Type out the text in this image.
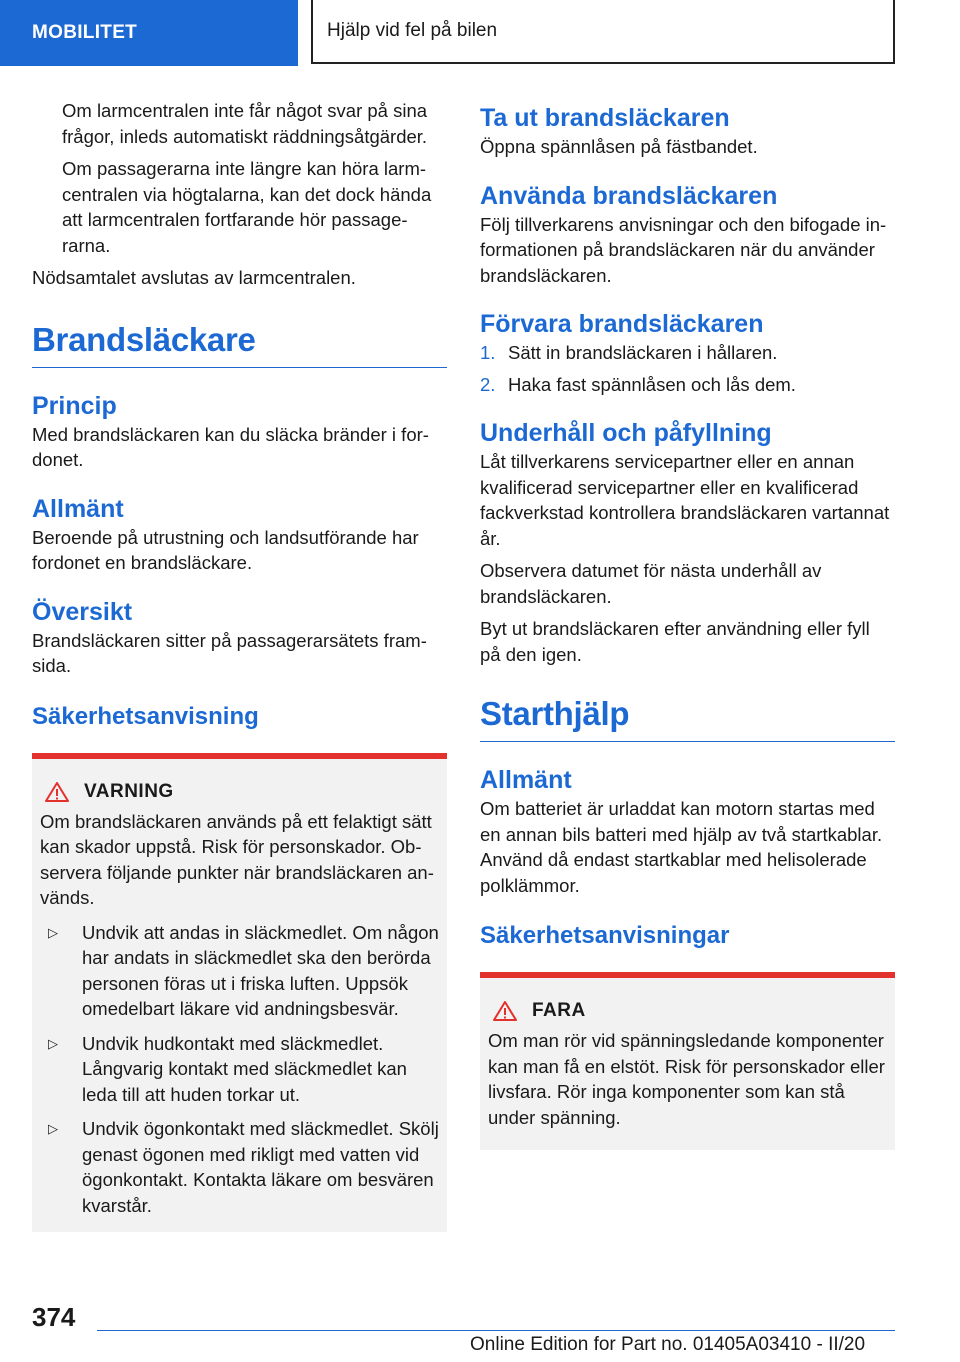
MOBILITET	Hjälp vid fel på bilen

Om larmcentralen inte får något svar på sina frågor, inleds automatiskt räddningsåtgärder.

Om passagerarna inte längre kan höra larmcentralen via högtalarna, kan det dock hända att larmcentralen fortfarande hör passagerarna.

Nödsamtalet avslutas av larmcentralen.

Brandsläckare
Princip

Med brandsläckaren kan du släcka bränder i fordonet.

Allmänt

Beroende på utrustning och landsutförande har fordonet en brandsläckare.

Översikt

Brandsläckaren sitter på passagerarsätets framsida.

Säkerhetsanvisning
VARNING

Om brandsläckaren används på ett felaktigt sätt kan skador uppstå. Risk för personskador. Observera följande punkter när brandsläckaren används.

▷	Undvik att andas in släckmedlet. Om någon har andats in släckmedlet ska den berörda personen föras ut i friska luften. Uppsök omedelbart läkare vid andningsbesvär.

▷	Undvik hudkontakt med släckmedlet. Långvarig kontakt med släckmedlet kan leda till att huden torkar ut.

▷	Undvik ögonkontakt med släckmedlet. Skölj genast ögonen med rikligt med vatten vid ögonkontakt. Kontakta läkare om besvären kvarstår.

Ta ut brandsläckaren

Öppna spännlåsen på fästbandet.

Använda brandsläckaren

Följ tillverkarens anvisningar och den bifogade informationen på brandsläckaren när du använder brandsläckaren.

Förvara brandsläckaren
1. Sätt in brandsläckaren i hållaren.

2. Haka fast spännlåsen och lås dem.

Underhåll och påfyllning

Låt tillverkarens servicepartner eller en annan kvalificerad servicepartner eller en kvalificerad fackverkstad kontrollera brandsläckaren vartannat år.

Observera datumet för nästa underhåll av brandsläckaren.

Byt ut brandsläckaren efter användning eller fyll på den igen.

Starthjälp
Allmänt

Om batteriet är urladdat kan motorn startas med en annan bils batteri med hjälp av två startkablar. Använd då endast startkablar med helisolerade polklämmor.

Säkerhetsanvisningar
FARA

Om man rör vid spänningsledande komponenter kan man få en elstöt. Risk för personskador eller livsfara. Rör inga komponenter som kan stå under spänning.

374
Online Edition for Part no. 01405A03410 - II/20
